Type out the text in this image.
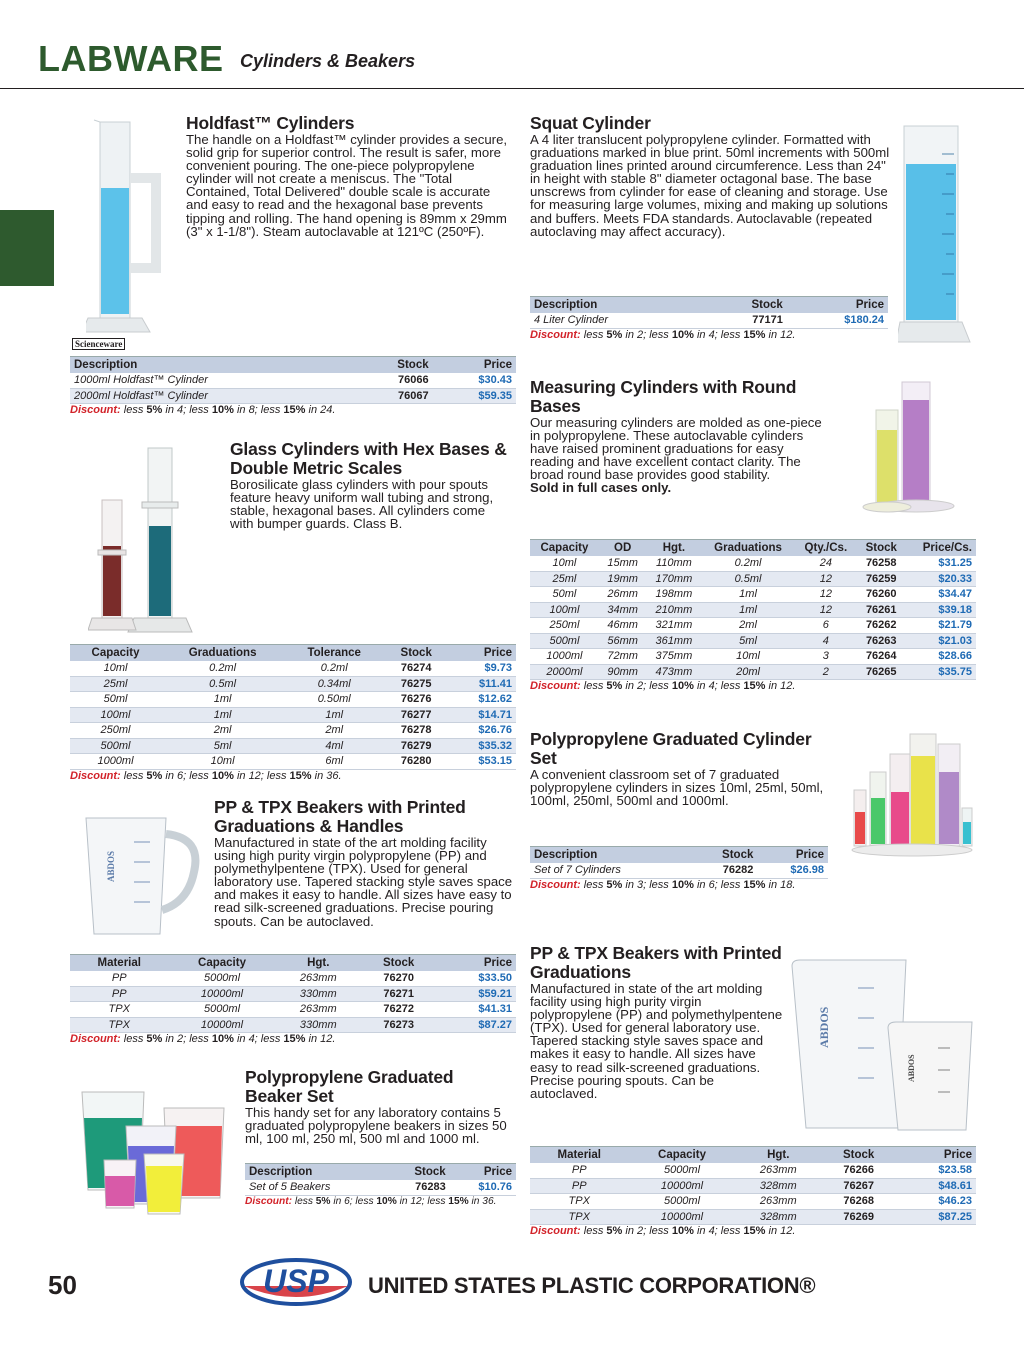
LABWARE Cylinders & Beakers
Scienceware
Holdfast™ Cylinders

The handle on a Holdfast™ cylinder provides a secure, solid grip for superior control. The result is safer, more convenient pouring. The one-piece polypropylene cylinder will not create a meniscus. The "Total Contained, Total Delivered" double scale is accurate and easy to read and the hexagonal base prevents tipping and rolling. The hand opening is 89mm x 29mm (3" x 1-1/8"). Steam autoclavable at 121ºC (250ºF).

Description	Stock	Price
1000ml Holdfast™ Cylinder	76066	$30.43
2000ml Holdfast™ Cylinder	76067	$59.35
Discount: less 5% in 4; less 10% in 8; less 15% in 24.
Squat Cylinder

A 4 liter translucent polypropylene cylinder. Formatted with graduations marked in blue print. 50ml increments with 500ml graduation lines printed around circumference. Less than 24" in height with stable 8" diameter octagonal base. The base unscrews from cylinder for ease of cleaning and storage. Use for measuring large volumes, mixing and making up solutions and buffers. Meets FDA standards. Autoclavable (repeated autoclaving may affect accuracy).

Description	Stock	Price
4 Liter Cylinder	77171	$180.24
Discount: less 5% in 2; less 10% in 4; less 15% in 12.
Measuring Cylinders with Round Bases

Our measuring cylinders are molded as one-piece in polypropylene. These autoclavable cylinders have raised prominent graduations for easy reading and have excellent contact clarity. The broad round base provides good stability.

Sold in full cases only.

Capacity	OD	Hgt.	Graduations	Qty./Cs.	Stock	Price/Cs.
10ml	15mm	110mm	0.2ml	24	76258	$31.25
25ml	19mm	170mm	0.5ml	12	76259	$20.33
50ml	26mm	198mm	1ml	12	76260	$34.47
100ml	34mm	210mm	1ml	12	76261	$39.18
250ml	46mm	321mm	2ml	6	76262	$21.79
500ml	56mm	361mm	5ml	4	76263	$21.03
1000ml	72mm	375mm	10ml	3	76264	$28.66
2000ml	90mm	473mm	20ml	2	76265	$35.75
Discount: less 5% in 2; less 10% in 4; less 15% in 12.
Glass Cylinders with Hex Bases & Double Metric Scales

Borosilicate glass cylinders with pour spouts feature heavy uniform wall tubing and strong, stable, hexagonal bases. All cylinders come with bumper guards. Class B.

Capacity	Graduations	Tolerance	Stock	Price
10ml	0.2ml	0.2ml	76274	$9.73
25ml	0.5ml	0.34ml	76275	$11.41
50ml	1ml	0.50ml	76276	$12.62
100ml	1ml	1ml	76277	$14.71
250ml	2ml	2ml	76278	$26.76
500ml	5ml	4ml	76279	$35.32
1000ml	10ml	6ml	76280	$53.15
Discount: less 5% in 6; less 10% in 12; less 15% in 36.
Polypropylene Graduated Cylinder Set

A convenient classroom set of 7 graduated polypropylene cylinders in sizes 10ml, 25ml, 50ml, 100ml, 250ml, 500ml and 1000ml.

Description	Stock	Price
Set of 7 Cylinders	76282	$26.98
Discount: less 5% in 3; less 10% in 6; less 15% in 18.
ABDOS
PP & TPX Beakers with Printed Graduations & Handles

Manufactured in state of the art molding facility using high purity virgin polypropylene (PP) and polymethylpentene (TPX). Used for general laboratory use. Tapered stacking style saves space and makes it easy to handle. All sizes have easy to read silk-screened graduations. Precise pouring spouts. Can be autoclaved.

Material	Capacity	Hgt.	Stock	Price
PP	5000ml	263mm	76270	$33.50
PP	10000ml	330mm	76271	$59.21
TPX	5000ml	263mm	76272	$41.31
TPX	10000ml	330mm	76273	$87.27
Discount: less 5% in 2; less 10% in 4; less 15% in 12.
PP & TPX Beakers with Printed Graduations

Manufactured in state of the art molding facility using high purity virgin polypropylene (PP) and polymethylpentene (TPX). Used for general laboratory use. Tapered stacking style saves space and makes it easy to handle. All sizes have easy to read silk-screened graduations. Precise pouring spouts. Can be autoclaved.

ABDOS
ABDOS
Material	Capacity	Hgt.	Stock	Price
PP	5000ml	263mm	76266	$23.58
PP	10000ml	328mm	76267	$48.61
TPX	5000ml	263mm	76268	$46.23
TPX	10000ml	328mm	76269	$87.25
Discount: less 5% in 2; less 10% in 4; less 15% in 12.
Polypropylene Graduated Beaker Set

This handy set for any laboratory contains 5 graduated polypropylene beakers in sizes 50 ml, 100 ml, 250 ml, 500 ml and 1000 ml.

Description	Stock	Price
Set of 5 Beakers	76283	$10.76
Discount: less 5% in 6; less 10% in 12; less 15% in 36.
50	USP UNITED STATES PLASTIC CORPORATION®
